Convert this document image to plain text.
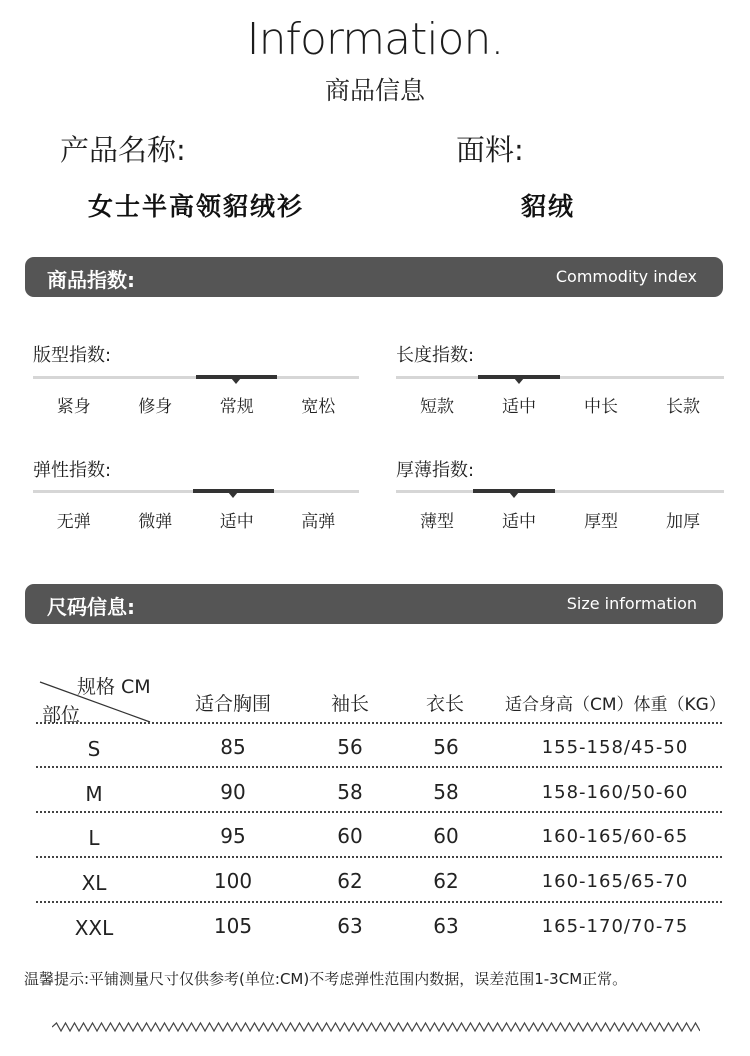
Information.
商品信息
产品名称:	面料:
女士半高领貂绒衫	貂绒
商品指数:	Commodity index
版型指数:
紧身	修身	常规	宽松
长度指数:
短款	适中	中长	长款
弹性指数:
无弹	微弹	适中	高弹
厚薄指数:
薄型	适中	厚型	加厚
尺码信息:	Size information
规格 CM
部位	适合胸围	袖长	衣长	适合身高（CM）体重（KG）
S	85	56	56	155-158/45-50
M	90	58	58	158-160/50-60
L	95	60	60	160-165/60-65
XL	100	62	62	160-165/65-70
XXL	105	63	63	165-170/70-75
温馨提示:平铺测量尺寸仅供参考(单位:CM)不考虑弹性范围内数据，误差范围1-3CM正常。
